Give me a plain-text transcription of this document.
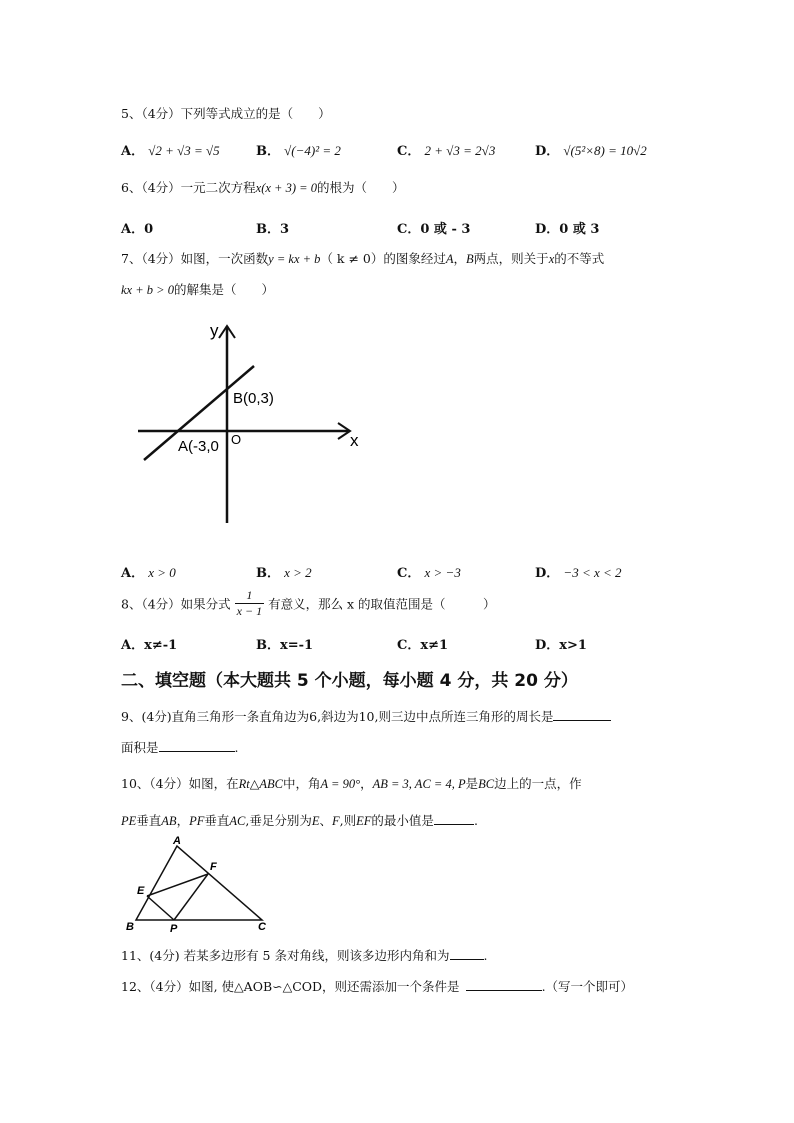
5、（4分）下列等式成立的是（　　）
A． √2 + √3 = √5	B． √(−4)² = 2	C． 2 + √3 = 2√3	D． √(5²×8) = 10√2
6、（4分）一元二次方程x(x + 3) = 0的根为（　　）
A．0	B．3	C．0 或 - 3	D．0 或 3
7、（4分）如图，一次函数y = kx + b（ k ≠ 0）的图象经过A，B两点，则关于x的不等式
kx + b > 0的解集是（　　）
y
x
O
B(0,3)
A(-3,0
A． x > 0	B． x > 2	C． x > −3	D． −3 < x < 2
8、（4分）如果分式 $\frac{1}{x - 1}$ 有意义，那么 x 的取值范围是（　　　）
A．x≠-1	B．x=-1	C．x≠1	D．x>1
二、填空题（本大题共 5 个小题，每小题 4 分，共 20 分）
9、(4分)直角三角形一条直角边为6,斜边为10,则三边中点所连三角形的周长是
面积是	.
10、（4分）如图，在Rt△ABC中，角A = 90°，AB = 3, AC = 4, P是BC边上的一点，作
PE垂直AB，PF垂直AC,垂足分别为E、F,则EF的最小值是	.
A
B	C
E
F
P
11、(4分) 若某多边形有 5 条对角线，则该多边形内角和为	.
12、（4分）如图, 使△AOB∽△COD，则还需添加一个条件是	.（写一个即可）
